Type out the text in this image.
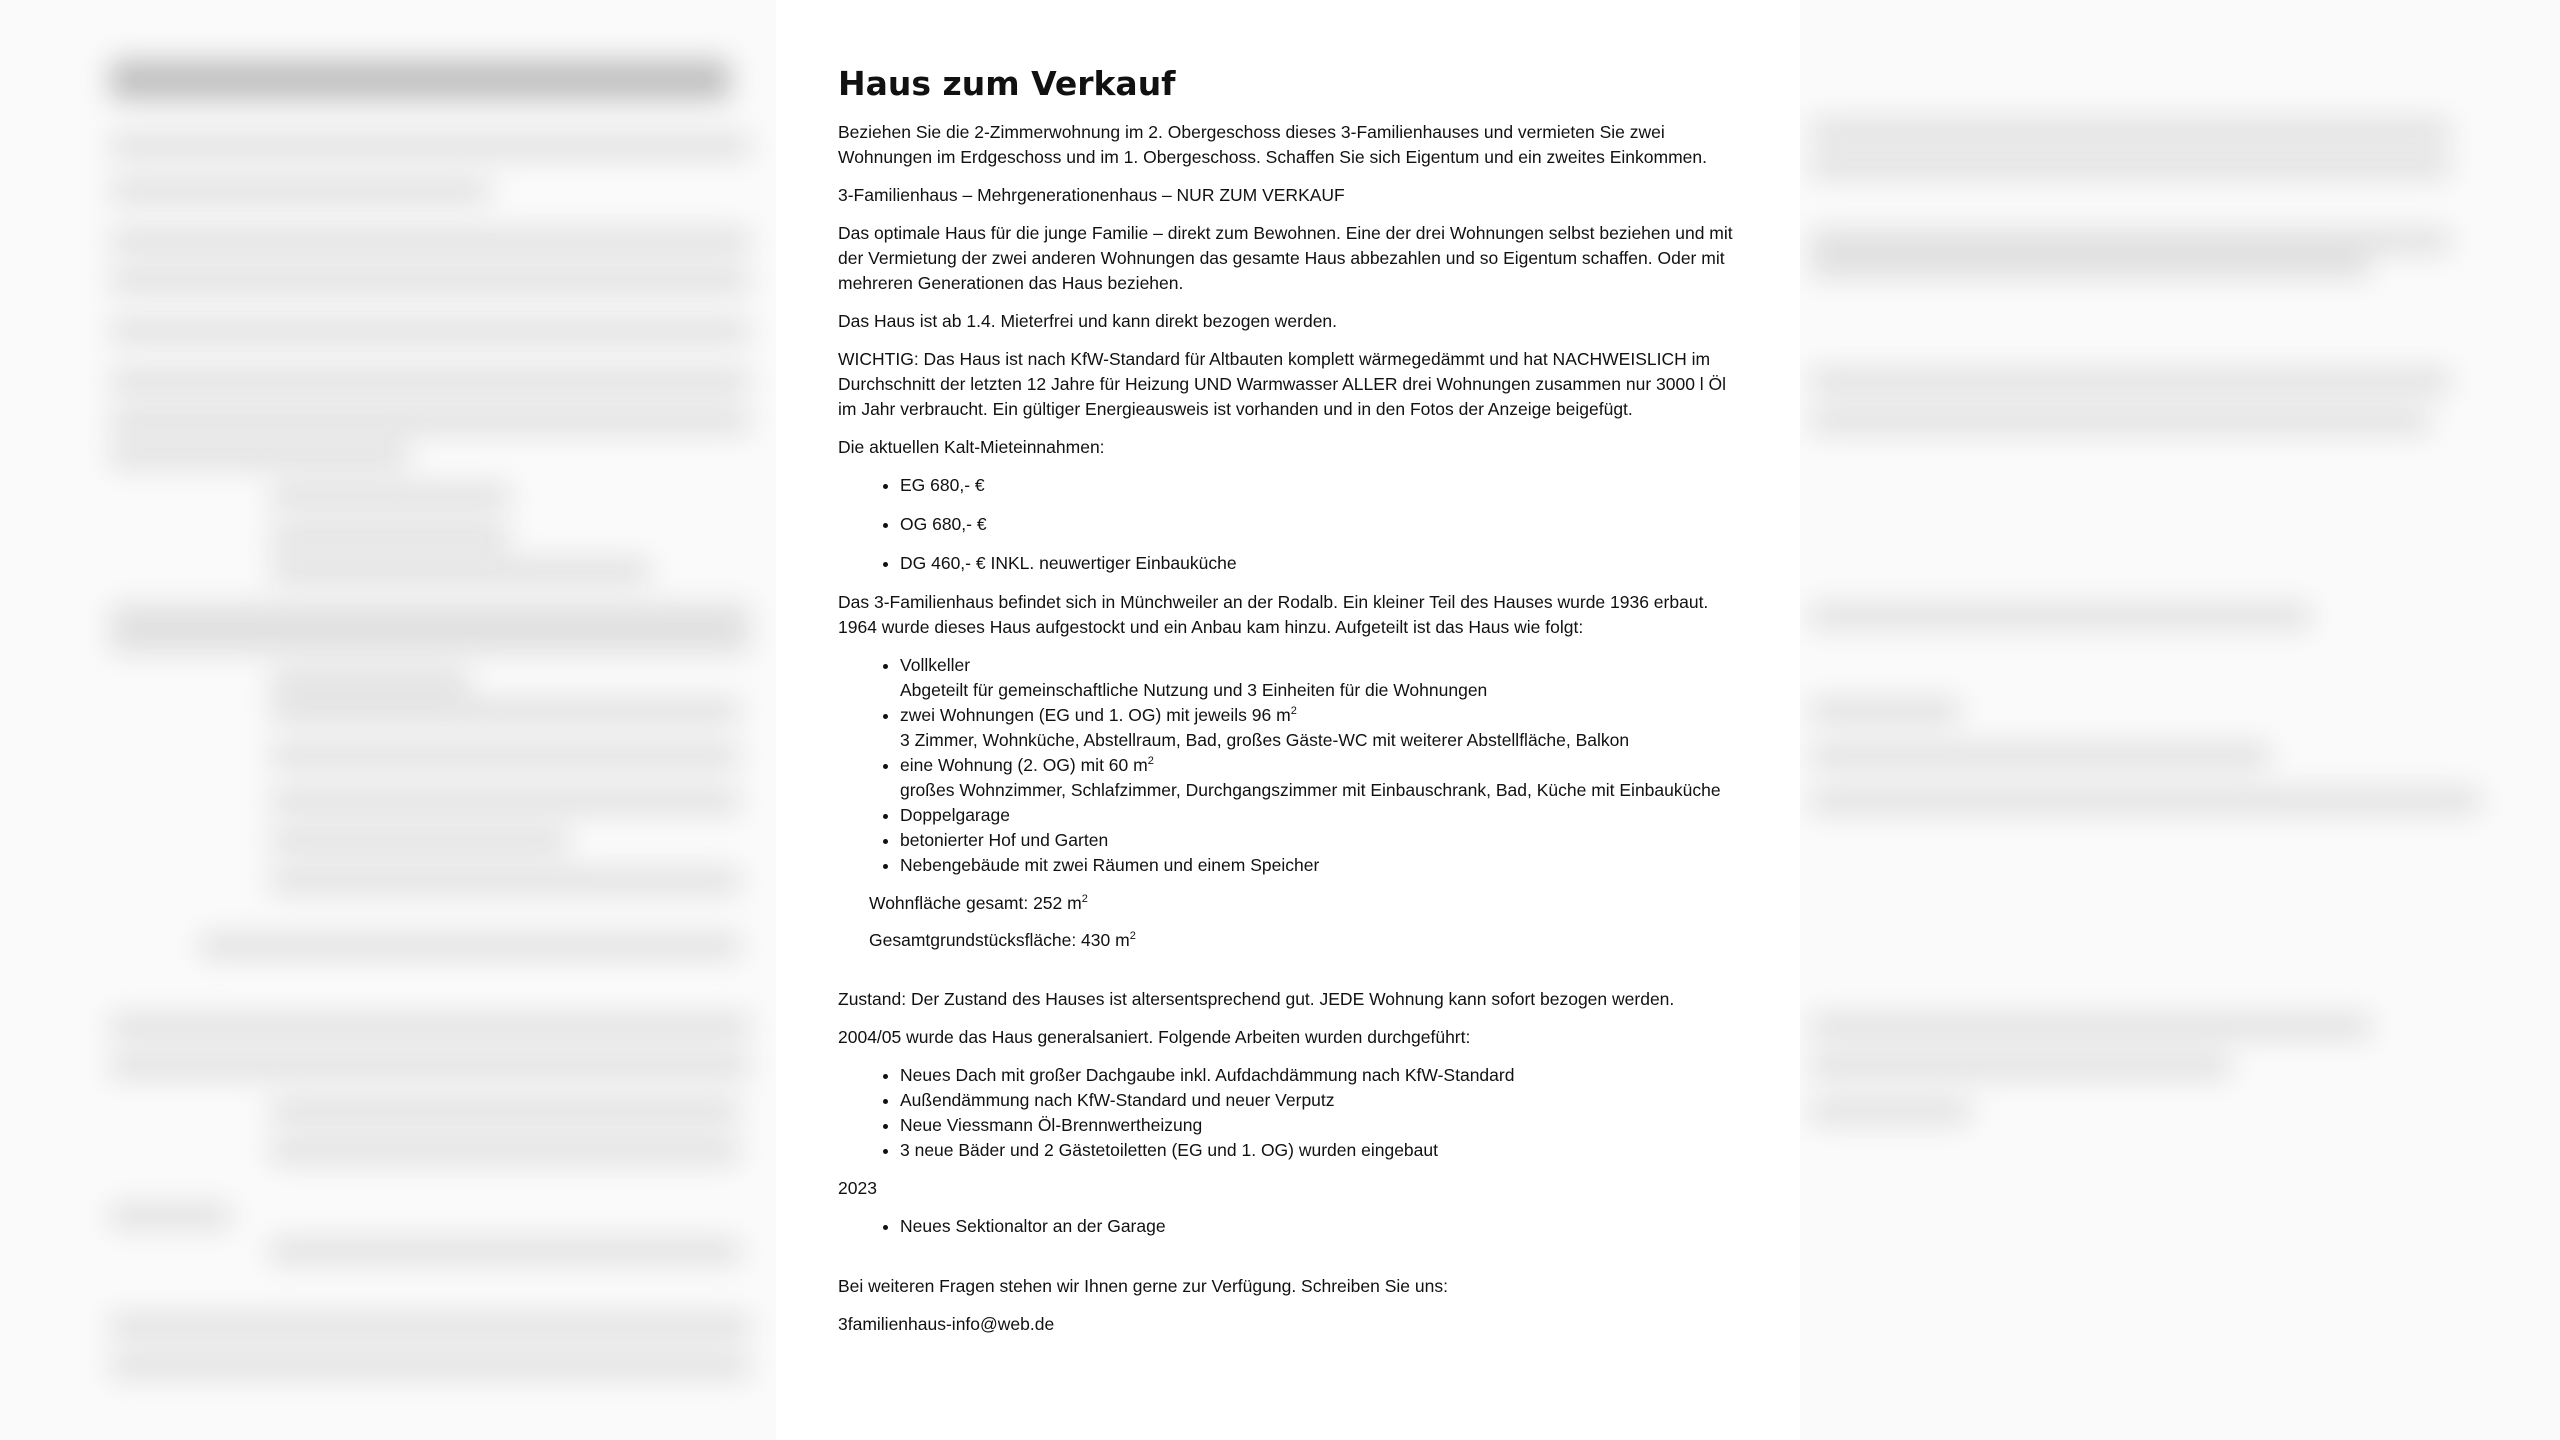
Haus zum Verkauf

Beziehen Sie die 2-Zimmerwohnung im 2. Obergeschoss dieses 3-Familienhauses und vermieten Sie zwei Wohnungen im Erdgeschoss und im 1. Obergeschoss. Schaffen Sie sich Eigentum und ein zweites Einkommen.

3-Familienhaus – Mehrgenerationenhaus – NUR ZUM VERKAUF

Das optimale Haus für die junge Familie – direkt zum Bewohnen. Eine der drei Wohnungen selbst beziehen und mit der Vermietung der zwei anderen Wohnungen das gesamte Haus abbezahlen und so Eigentum schaffen. Oder mit mehreren Generationen das Haus beziehen.

Das Haus ist ab 1.4. Mieterfrei und kann direkt bezogen werden.

WICHTIG: Das Haus ist nach KfW-Standard für Altbauten komplett wärmegedämmt und hat NACHWEISLICH im Durchschnitt der letzten 12 Jahre für Heizung UND Warmwasser ALLER drei Wohnungen zusammen nur 3000 l Öl im Jahr verbraucht. Ein gültiger Energieausweis ist vorhanden und in den Fotos der Anzeige beigefügt.

Die aktuellen Kalt-Mieteinnahmen:

• EG 680,- €
• OG 680,- €
• DG 460,- € INKL. neuwertiger Einbauküche

Das 3-Familienhaus befindet sich in Münchweiler an der Rodalb. Ein kleiner Teil des Hauses wurde 1936 erbaut. 1964 wurde dieses Haus aufgestockt und ein Anbau kam hinzu. Aufgeteilt ist das Haus wie folgt:

• Vollkeller
Abgeteilt für gemeinschaftliche Nutzung und 3 Einheiten für die Wohnungen
• zwei Wohnungen (EG und 1. OG) mit jeweils 96 $m^2$
3 Zimmer, Wohnküche, Abstellraum, Bad, großes Gäste-WC mit weiterer Abstellfläche, Balkon
• eine Wohnung (2. OG) mit 60 $m^2$
großes Wohnzimmer, Schlafzimmer, Durchgangszimmer mit Einbauschrank, Bad, Küche mit Einbauküche
• Doppelgarage
• betonierter Hof und Garten
• Nebengebäude mit zwei Räumen und einem Speicher

Wohnfläche gesamt: 252 $m^2$

Gesamtgrundstücksfläche: 430 $m^2$

Zustand: Der Zustand des Hauses ist altersentsprechend gut. JEDE Wohnung kann sofort bezogen werden.

2004/05 wurde das Haus generalsaniert. Folgende Arbeiten wurden durchgeführt:

• Neues Dach mit großer Dachgaube inkl. Aufdachdämmung nach KfW-Standard
• Außendämmung nach KfW-Standard und neuer Verputz
• Neue Viessmann Öl-Brennwertheizung
• 3 neue Bäder und 2 Gästetoiletten (EG und 1. OG) wurden eingebaut

2023

• Neues Sektionaltor an der Garage

Bei weiteren Fragen stehen wir Ihnen gerne zur Verfügung. Schreiben Sie uns:

3familienhaus-info@web.de
